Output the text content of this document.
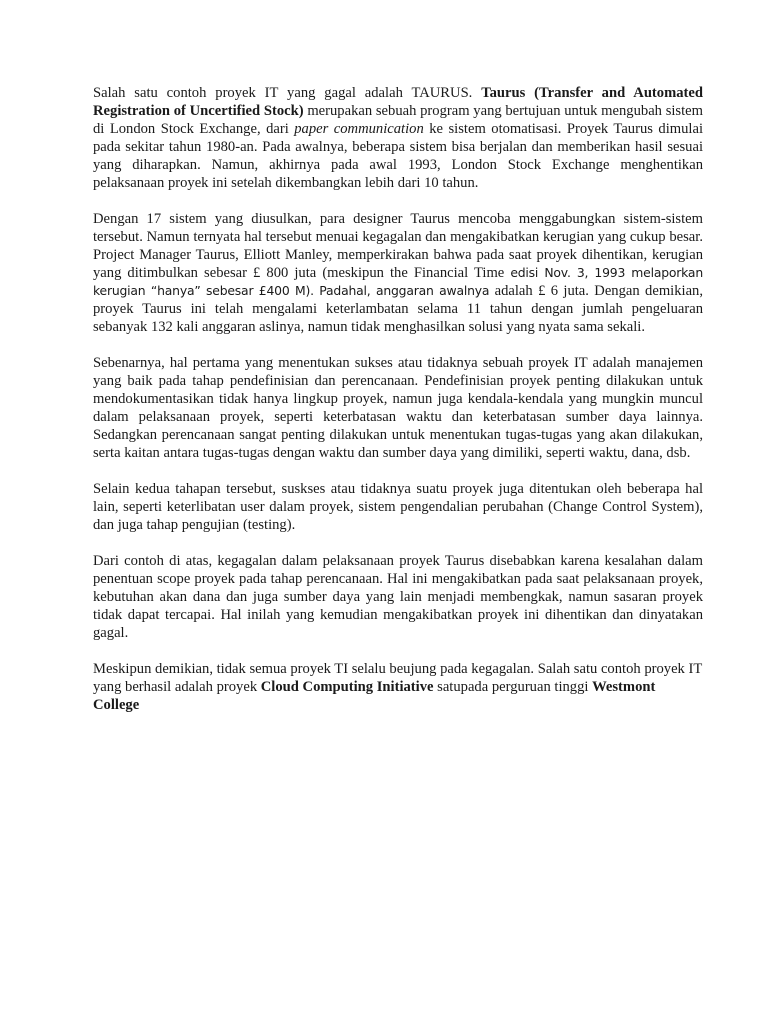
Salah satu contoh proyek IT yang gagal adalah TAURUS. Taurus (Transfer and Automated Registration of Uncertified Stock) merupakan sebuah program yang bertujuan untuk mengubah sistem di London Stock Exchange, dari paper communication ke sistem otomatisasi. Proyek Taurus dimulai pada sekitar tahun 1980-an. Pada awalnya, beberapa sistem bisa berjalan dan memberikan hasil sesuai yang diharapkan. Namun, akhirnya pada awal 1993, London Stock Exchange menghentikan pelaksanaan proyek ini setelah dikembangkan lebih dari 10 tahun.

Dengan 17 sistem yang diusulkan, para designer Taurus mencoba menggabungkan sistem-sistem tersebut. Namun ternyata hal tersebut menuai kegagalan dan mengakibatkan kerugian yang cukup besar. Project Manager Taurus, Elliott Manley, memperkirakan bahwa pada saat proyek dihentikan, kerugian yang ditimbulkan sebesar £ 800 juta (meskipun the Financial Time edisi Nov. 3, 1993 melaporkan kerugian “hanya” sebesar £400 M). Padahal, anggaran awalnya adalah £ 6 juta. Dengan demikian, proyek Taurus ini telah mengalami keterlambatan selama 11 tahun dengan jumlah pengeluaran sebanyak 132 kali anggaran aslinya, namun tidak menghasilkan solusi yang nyata sama sekali.

Sebenarnya, hal pertama yang menentukan sukses atau tidaknya sebuah proyek IT adalah manajemen yang baik pada tahap pendefinisian dan perencanaan. Pendefinisian proyek penting dilakukan untuk mendokumentasikan tidak hanya lingkup proyek, namun juga kendala-kendala yang mungkin muncul dalam pelaksanaan proyek, seperti keterbatasan waktu dan keterbatasan sumber daya lainnya. Sedangkan perencanaan sangat penting dilakukan untuk menentukan tugas-tugas yang akan dilakukan, serta kaitan antara tugas-tugas dengan waktu dan sumber daya yang dimiliki, seperti waktu, dana, dsb.

Selain kedua tahapan tersebut, suskses atau tidaknya suatu proyek juga ditentukan oleh beberapa hal lain, seperti keterlibatan user dalam proyek, sistem pengendalian perubahan (Change Control System), dan juga tahap pengujian (testing).

Dari contoh di atas, kegagalan dalam pelaksanaan proyek Taurus disebabkan karena kesalahan dalam penentuan scope proyek pada tahap perencanaan. Hal ini mengakibatkan pada saat pelaksanaan proyek, kebutuhan akan dana dan juga sumber daya yang lain menjadi membengkak, namun sasaran proyek tidak dapat tercapai. Hal inilah yang kemudian mengakibatkan proyek ini dihentikan dan dinyatakan gagal.

Meskipun demikian, tidak semua proyek TI selalu beujung pada kegagalan. Salah satu contoh proyek IT yang berhasil adalah proyek Cloud Computing Initiative satupada perguruan tinggi Westmont College
